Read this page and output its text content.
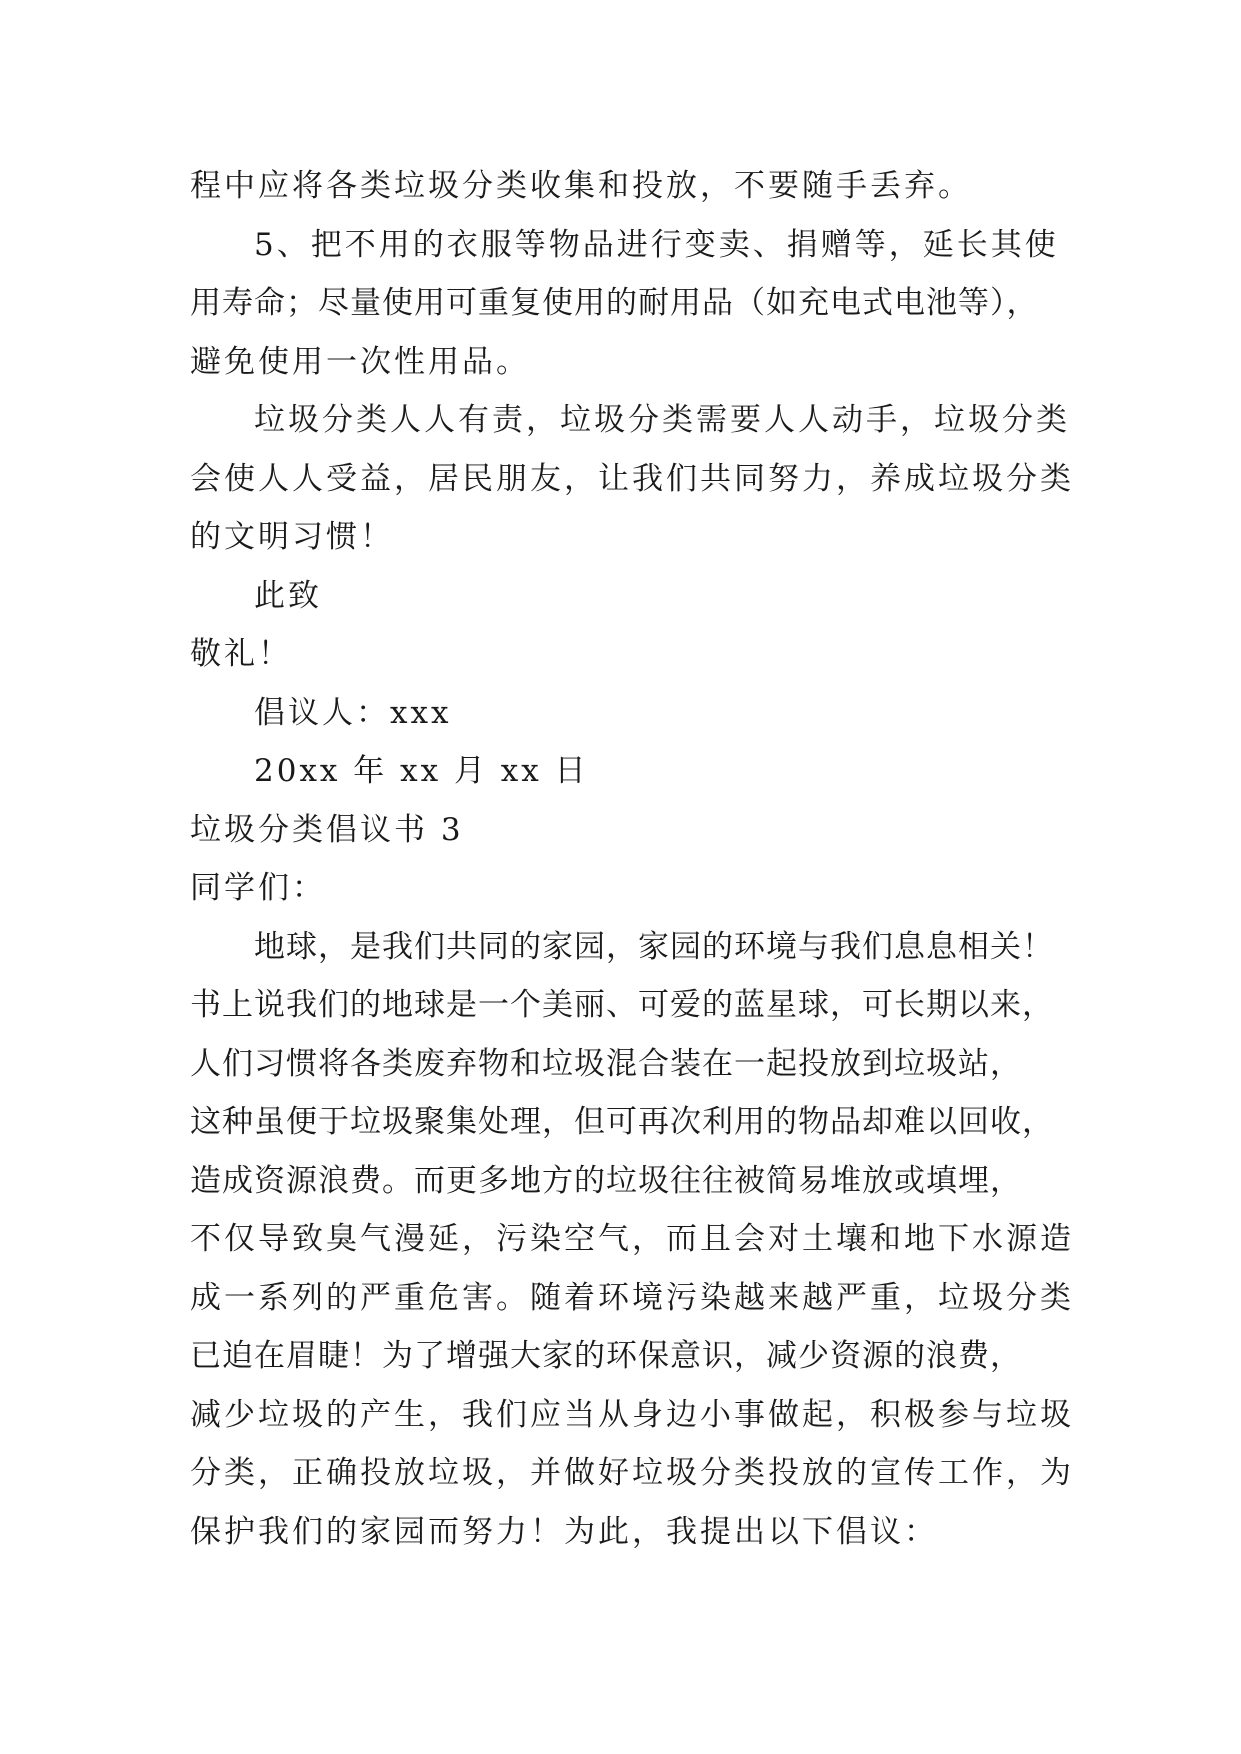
程中应将各类垃圾分类收集和投放，不要随手丢弃。
5、把不用的衣服等物品进行变卖、捐赠等，延长其使
用寿命；尽量使用可重复使用的耐用品（如充电式电池等），
避免使用一次性用品。
垃圾分类人人有责，垃圾分类需要人人动手，垃圾分类
会使人人受益，居民朋友，让我们共同努力，养成垃圾分类
的文明习惯！
此致
敬礼！
倡议人：xxx
20xx 年 xx 月 xx 日
垃圾分类倡议书 3
同学们：
地球，是我们共同的家园，家园的环境与我们息息相关！
书上说我们的地球是一个美丽、可爱的蓝星球，可长期以来，
人们习惯将各类废弃物和垃圾混合装在一起投放到垃圾站，
这种虽便于垃圾聚集处理，但可再次利用的物品却难以回收，
造成资源浪费。而更多地方的垃圾往往被简易堆放或填埋，
不仅导致臭气漫延，污染空气，而且会对土壤和地下水源造
成一系列的严重危害。随着环境污染越来越严重，垃圾分类
已迫在眉睫！为了增强大家的环保意识，减少资源的浪费，
减少垃圾的产生，我们应当从身边小事做起，积极参与垃圾
分类，正确投放垃圾，并做好垃圾分类投放的宣传工作，为
保护我们的家园而努力！为此，我提出以下倡议：
